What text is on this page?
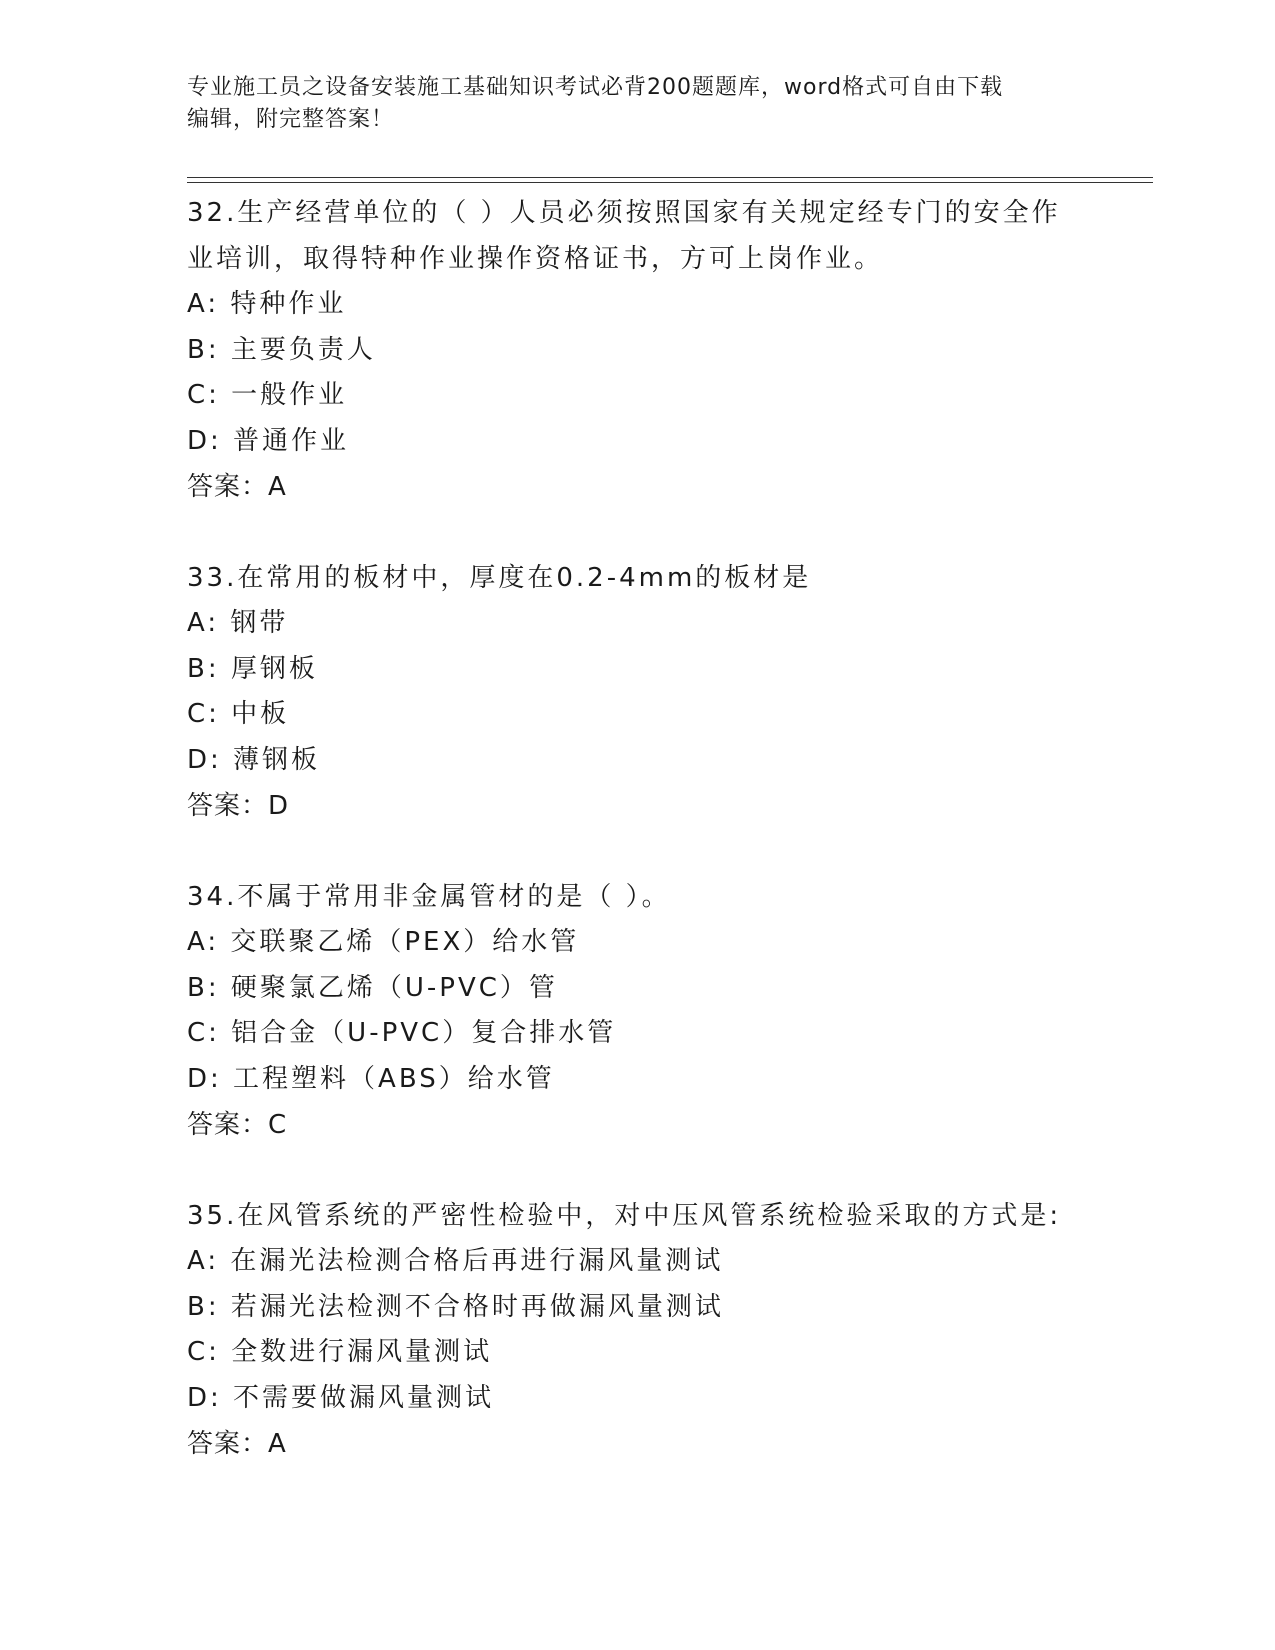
专业施工员之设备安装施工基础知识考试必背200题题库，word格式可自由下载
编辑，附完整答案！

32.生产经营单位的（ ）人员必须按照国家有关规定经专门的安全作业培训，取得特种作业操作资格证书，方可上岗作业。

A: 特种作业

B: 主要负责人

C: 一般作业

D: 普通作业

答案：A

33.在常用的板材中，厚度在0.2-4mm的板材是

A: 钢带

B: 厚钢板

C: 中板

D: 薄钢板

答案：D

34.不属于常用非金属管材的是（ ）。

A: 交联聚乙烯（PEX）给水管

B: 硬聚氯乙烯（U-PVC）管

C: 铝合金（U-PVC）复合排水管

D: 工程塑料（ABS）给水管

答案：C

35.在风管系统的严密性检验中，对中压风管系统检验采取的方式是:

A: 在漏光法检测合格后再进行漏风量测试

B: 若漏光法检测不合格时再做漏风量测试

C: 全数进行漏风量测试

D: 不需要做漏风量测试

答案：A
